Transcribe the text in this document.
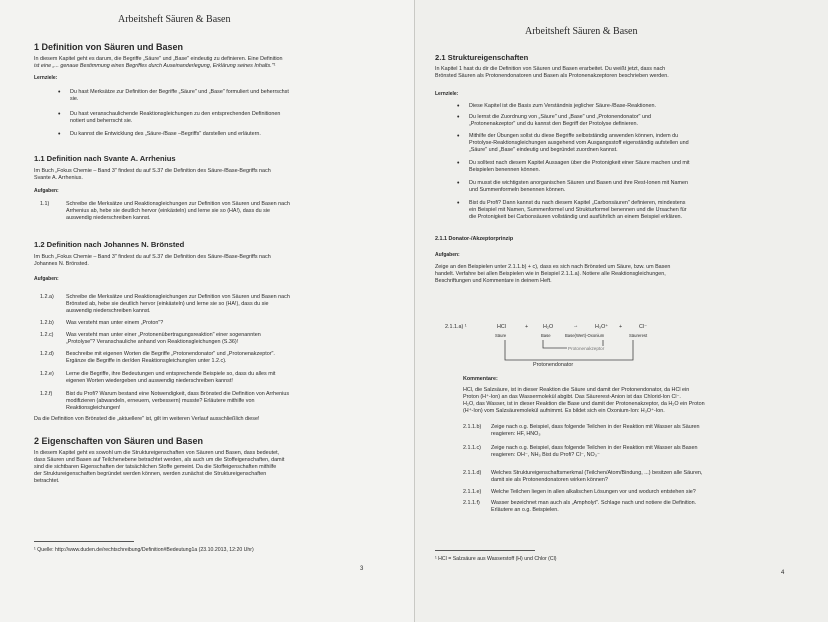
Arbeitsheft Säuren & Basen
1 Definition von Säuren und Basen
In diesem Kapitel geht es darum, die Begriffe „Säure" und „Base" eindeutig zu definieren. Eine Definition
ist eine „... genaue Bestimmung eines Begriffes durch Auseinanderlegung, Erklärung seines Inhalts."¹
Lernziele:
• Du hast Merksätze zur Definition der Begriffe „Säure" und „Base" formuliert und beherrschst
sie.
• Du hast veranschaulichende Reaktionsgleichungen zu den entsprechenden Definitionen
notiert und beherrscht sie.
• Du kannst die Entwicklung des „Säure-/Base –Begriffs" darstellen und erläutern.
1.1 Definition nach Svante A. Arrhenius
Im Buch „Fokus Chemie – Band 3" findest du auf S.37 die Definition des Säure-/Base-Begriffs nach
Svante A. Arrhenius.
Aufgaben:
1.1)	Schreibe die Merksätze und Reaktionsgleichungen zur Definition von Säuren und Basen nach
Arrhenius ab, hebe sie deutlich hervor (einkästeln) und lerne sie so (HA!), dass du sie
auswendig niederschreiben kannst.
1.2 Definition nach Johannes N. Brönsted
Im Buch „Fokus Chemie – Band 3" findest du auf S.37 die Definition des Säure-/Base-Begriffs nach
Johannes N. Brönsted.
Aufgaben:
1.2.a) Schreibe die Merksätze und Reaktionsgleichungen zur Definition von Säuren und Basen nach
Brönsted ab, hebe sie deutlich hervor (einkästeln) und lerne sie so (HA!), dass du sie
auswendig niederschreiben kannst.
1.2.b) Was versteht man unter einem „Proton"?
1.2.c) Was versteht man unter einer „Protonenübertragungsreaktion" einer sogenannten
„Protolyse"? Veranschauliche anhand von Reaktionsgleichungen (S.36)!
1.2.d) Beschreibe mit eigenen Worten die Begriffe „Protonendonator" und „Protonenakzeptor".
Ergänze die Begriffe in der/den Reaktionsgleichung/en unter 1.2.c).
1.2.e) Lerne die Begriffe, ihre Bedeutungen und entsprechende Beispiele so, dass du alles mit
eigenen Worten wiedergeben und auswendig niederschreiben kannst!
1.2.f)	Bist du Profi? Warum bestand eine Notwendigkeit, dass Brönsted die Definition von Arrhenius
modifizieren (abwandeln, erneuern, verbessern) musste? Erläutere mithilfe von
Reaktionsgleichungen!
Da die Definition von Brönsted die „aktuellere" ist, gilt im weiteren Verlauf ausschließlich diese!
2 Eigenschaften von Säuren und Basen
In diesem Kapitel geht es sowohl um die Struktureigenschaften von Säuren und Basen, dass bedeutet,
dass Säuren und Basen auf Teilchenebene betrachtet werden, als auch um die Stoffeigenschaften, damit
sind die sichtbaren Eigenschaften der tatsächlichen Stoffe gemeint. Da die Stoffeigenschaften mithilfe
der Struktureigenschaften begründet werden können, werden zunächst die Struktureigenschaften
betrachtet.
¹ Quelle: http://www.duden.de/rechtschreibung/Definition#Bedeutung1a (23.10.2013, 12:20 Uhr)
3
Arbeitsheft Säuren & Basen
2.1 Struktureigenschaften
In Kapitel 1 hast du dir die Definition von Säuren und Basen erarbeitet. Du weißt jetzt, dass nach
Brönsted Säuren als Protonendonatoren und Basen als Protonenakzeptoren beschrieben werden.
Lernziele:
• Diese Kapitel ist die Basis zum Verständnis jeglicher Säure-/Base-Reaktionen.
• Du lernst die Zuordnung von „Säure" und „Base" und „Protonendonator" und
„Protonenakzeptor" und du kannst den Begriff der Protolyse definieren.
• Mithilfe der Übungen sollst du diese Begriffe selbstständig anwenden können, indem du
Protolyse-Reaktionsgleichungen ausgehend vom Ausgangsstoff eigenständig aufstellen und
„Säure" und „Base" eindeutig und begründet zuordnen kannst.
• Du solltest nach diesem Kapitel Aussagen über die Protonigkeit einer Säure machen und mit
Beispielen benennen können.
• Du musst die wichtigsten anorganischen Säuren und Basen und ihre Rest-Ionen mit Namen
und Summenformeln benennen können.
• Bist du Profi? Dann kannst du nach diesem Kapitel „Carbonsäuren" definieren, mindestens
ein Beispiel mit Namen, Summenformel und Strukturformel benennen und die Ursachen für
die Protonigkeit bei Carbonsäuren vollständig und ausführlich an einem Beispiel erklären.
2.1.1 Donator-/Akzeptorprinzip
Aufgaben:
Zeige an den Beispielen unter 2.1.1.b) + c), dass es sich nach Brönsted um Säure, bzw. um Basen
handelt. Verfahre bei allen Beispielen wie in Beispiel 2.1.1.a). Notiere alle Reaktionsgleichungen,
Beschriftungen und Kommentare in deinem Heft.
2.1.1.a) ¹	HCl	+	H₂O	→	H₃O⁺ +	Cl⁻
Säure	Base	Base(Wert)-Oxonium	Säurerest
Protonenakzeptor
Protonendonator
Kommentare:
HCl, die Salzsäure, ist in dieser Reaktion die Säure und damit der Protonendonator, da HCl ein
Proton (H⁺-Ion) an das Wassermolekül abgibt. Das Säurerest-Anion ist das Chlorid-Ion Cl⁻.
H₂O, das Wasser, ist in dieser Reaktion die Base und damit der Protonenakzeptor, da H₂O ein Proton
(H⁺-Ion) vom Salzsäuremolekül aufnimmt. Es bildet sich ein Oxonium-Ion: H₃O⁺-Ion.
2.1.1.b) Zeige nach o.g. Beispiel, dass folgende Teilchen in der Reaktion mit Wasser als Säuren
reagieren: HF, HNO₃
2.1.1.c) Zeige nach o.g. Beispiel, dass folgende Teilchen in der Reaktion mit Wasser als Basen
reagieren: OH⁻, NH₃ Bist du Profi? Cl⁻, NO₃⁻
2.1.1.d) Welches Struktureigenschaftsmerkmal (Teilchen/Atom/Bindung, ...) besitzen alle Säuren,
damit sie als Protonendonatoren wirken können?
2.1.1.e) Welche Teilchen liegen in allen alkalischen Lösungen vor und wodurch entstehen sie?
2.1.1.f) Wasser bezeichnet man auch als „Ampholyt". Schlage nach und notiere die Definition.
Erläutere an o.g. Beispielen.
¹ HCl = Salzsäure aus Wasserstoff (H) und Chlor (Cl)
4
